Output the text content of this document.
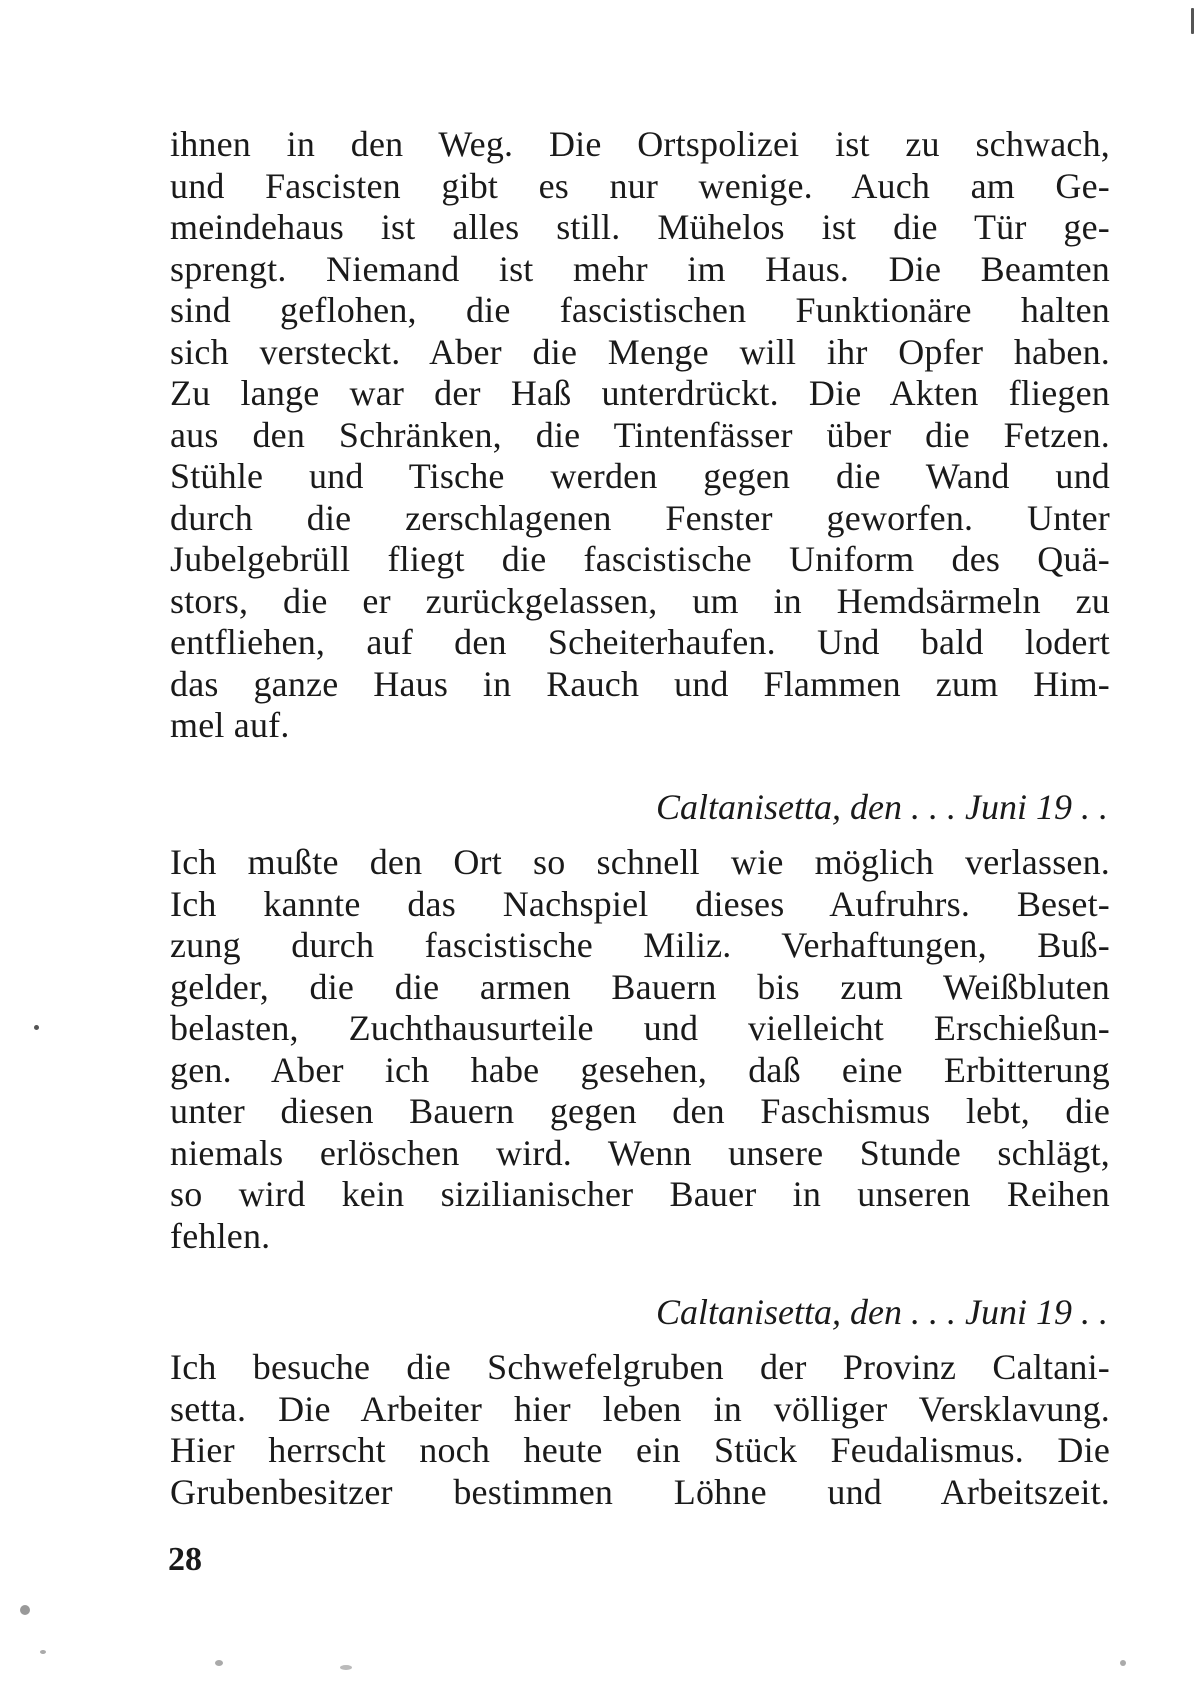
ihnen in den Weg. Die Ortspolizei ist zu schwach,
und Fascisten gibt es nur wenige. Auch am Ge-
meindehaus ist alles still. Mühelos ist die Tür ge-
sprengt. Niemand ist mehr im Haus. Die Beamten
sind geflohen, die fascistischen Funktionäre halten
sich versteckt. Aber die Menge will ihr Opfer haben.
Zu lange war der Haß unterdrückt. Die Akten fliegen
aus den Schränken, die Tintenfässer über die Fetzen.
Stühle und Tische werden gegen die Wand und
durch die zerschlagenen Fenster geworfen. Unter
Jubelgebrüll fliegt die fascistische Uniform des Quä-
stors, die er zurückgelassen, um in Hemdsärmeln zu
entfliehen, auf den Scheiterhaufen. Und bald lodert
das ganze Haus in Rauch und Flammen zum Him-
mel auf.
Caltanisetta, den . . . Juni 19 . .
Ich mußte den Ort so schnell wie möglich verlassen.
Ich kannte das Nachspiel dieses Aufruhrs. Beset-
zung durch fascistische Miliz. Verhaftungen, Buß-
gelder, die die armen Bauern bis zum Weißbluten
belasten, Zuchthausurteile und vielleicht Erschießun-
gen. Aber ich habe gesehen, daß eine Erbitterung
unter diesen Bauern gegen den Faschismus lebt, die
niemals erlöschen wird. Wenn unsere Stunde schlägt,
so wird kein sizilianischer Bauer in unseren Reihen
fehlen.
Caltanisetta, den . . . Juni 19 . .
Ich besuche die Schwefelgruben der Provinz Caltani-
setta. Die Arbeiter hier leben in völliger Versklavung.
Hier herrscht noch heute ein Stück Feudalismus. Die
Grubenbesitzer bestimmen Löhne und Arbeitszeit.
28
